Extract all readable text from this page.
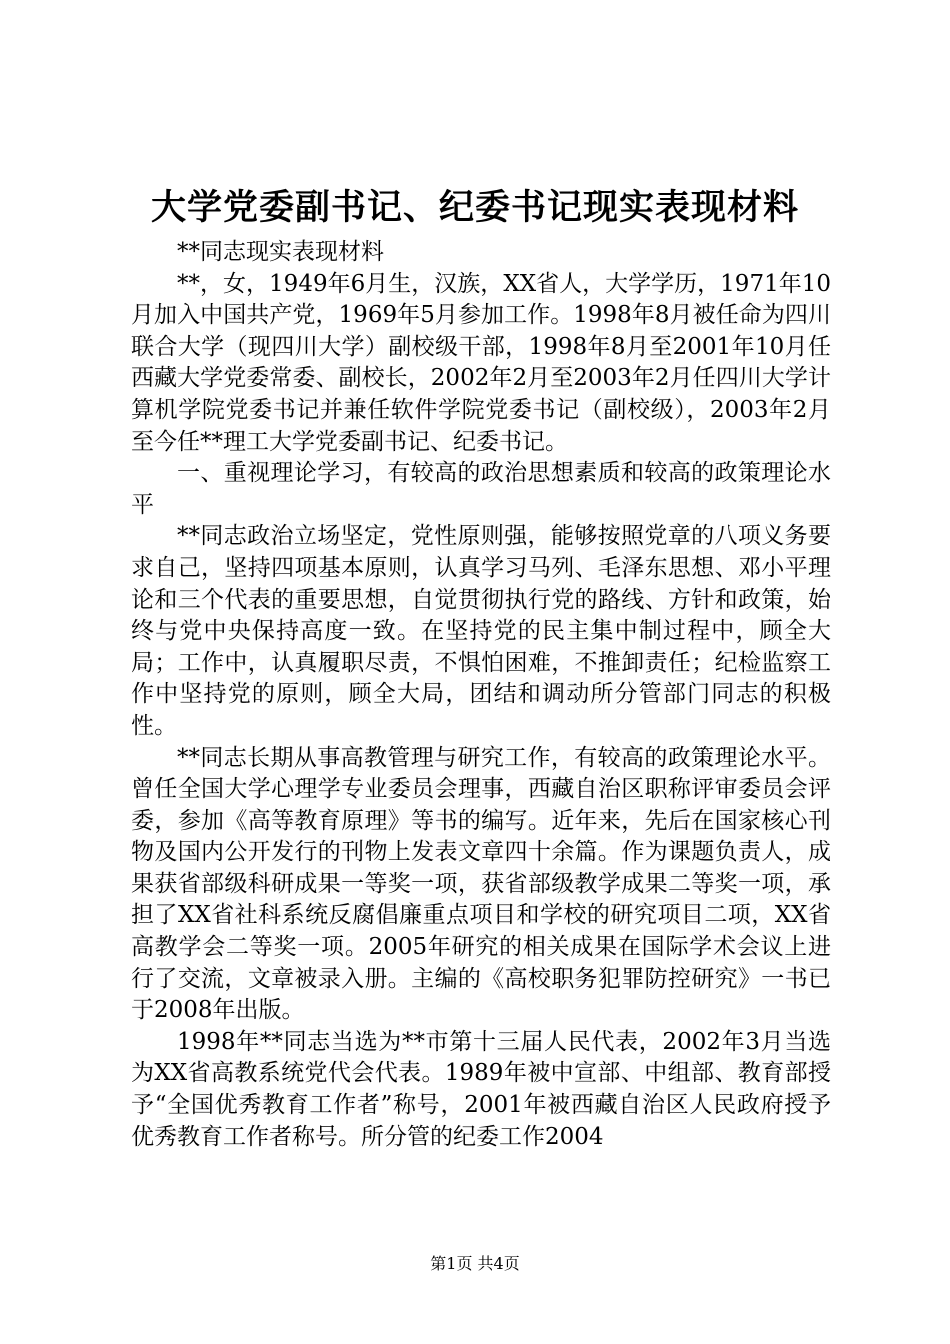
大学党委副书记、纪委书记现实表现材料

**同志现实表现材料

**，女，1949年6月生，汉族，XX省人，大学学历，1971年10月加入中国共产党，1969年5月参加工作。1998年8月被任命为四川联合大学（现四川大学）副校级干部，1998年8月至2001年10月任西藏大学党委常委、副校长，2002年2月至2003年2月任四川大学计算机学院党委书记并兼任软件学院党委书记（副校级），2003年2月至今任**理工大学党委副书记、纪委书记。

一、重视理论学习，有较高的政治思想素质和较高的政策理论水平

**同志政治立场坚定，党性原则强，能够按照党章的八项义务要求自己，坚持四项基本原则，认真学习马列、毛泽东思想、邓小平理论和三个代表的重要思想，自觉贯彻执行党的路线、方针和政策，始终与党中央保持高度一致。在坚持党的民主集中制过程中，顾全大局；工作中，认真履职尽责，不惧怕困难，不推卸责任；纪检监察工作中坚持党的原则，顾全大局，团结和调动所分管部门同志的积极性。

**同志长期从事高教管理与研究工作，有较高的政策理论水平。曾任全国大学心理学专业委员会理事，西藏自治区职称评审委员会评委，参加《高等教育原理》等书的编写。近年来，先后在国家核心刊物及国内公开发行的刊物上发表文章四十余篇。作为课题负责人，成果获省部级科研成果一等奖一项，获省部级教学成果二等奖一项，承担了XX省社科系统反腐倡廉重点项目和学校的研究项目二项，XX省高教学会二等奖一项。2005年研究的相关成果在国际学术会议上进行了交流，文章被录入册。主编的《高校职务犯罪防控研究》一书已于2008年出版。

1998年**同志当选为**市第十三届人民代表，2002年3月当选为XX省高教系统党代会代表。1989年被中宣部、中组部、教育部授予“全国优秀教育工作者”称号，2001年被西藏自治区人民政府授予优秀教育工作者称号。所分管的纪委工作2004

第1页 共4页
